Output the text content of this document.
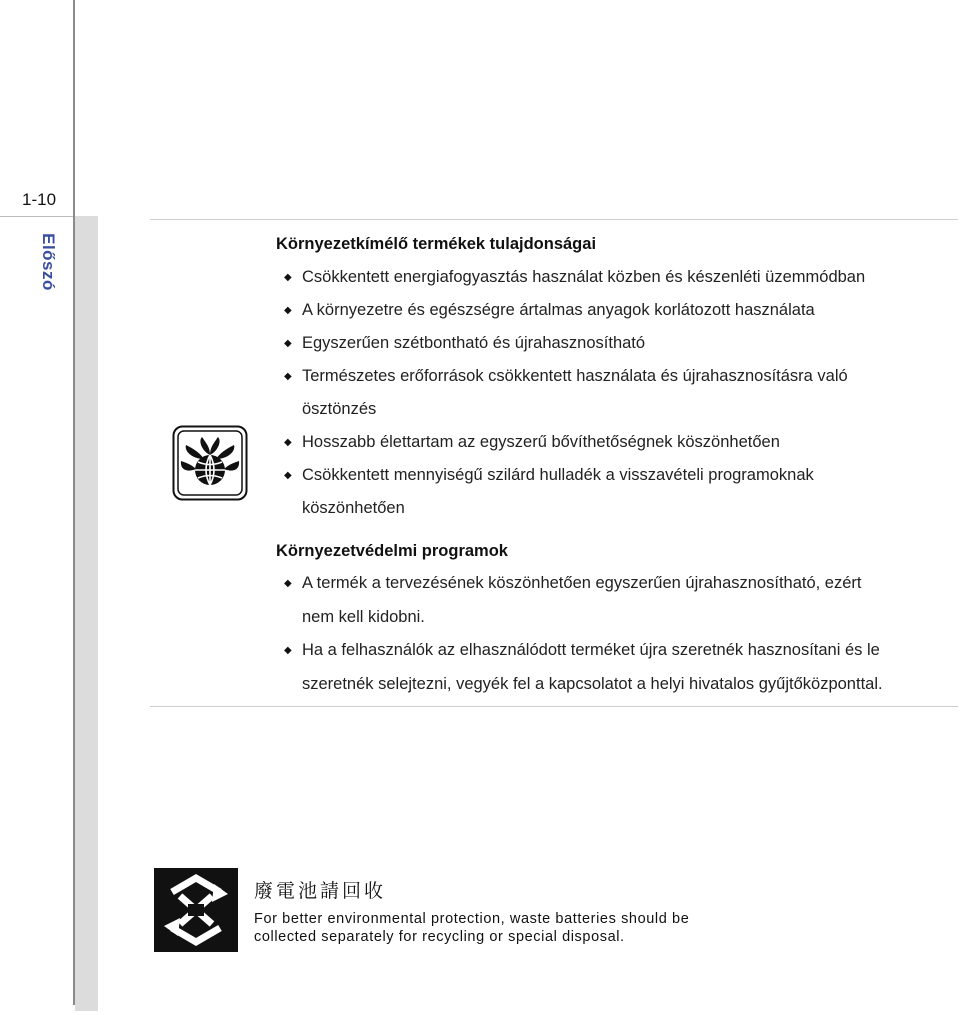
1-10
Előszó	Környezetkímélő termékek tulajdonságai
◆ Csökkentett energiafogyasztás használat közben és készenléti üzemmódban
◆ A környezetre és egészségre ártalmas anyagok korlátozott használata
◆ Egyszerűen szétbontható és újrahasznosítható
◆ Természetes erőforrások csökkentett használata és újrahasznosításra való
ösztönzés
◆ Hosszabb élettartam az egyszerű bővíthetőségnek köszönhetően
◆ Csökkentett mennyiségű szilárd hulladék a visszavételi programoknak
köszönhetően
Környezetvédelmi programok
◆ A termék a tervezésének köszönhetően egyszerűen újrahasznosítható, ezért
nem kell kidobni.
◆ Ha a felhasználók az elhasználódott terméket újra szeretnék hasznosítani és le
szeretnék selejtezni, vegyék fel a kapcsolatot a helyi hivatalos gyűjtőközponttal.
廢電池請回收
For better environmental protection, waste batteries should be
collected separately for recycling or special disposal.
